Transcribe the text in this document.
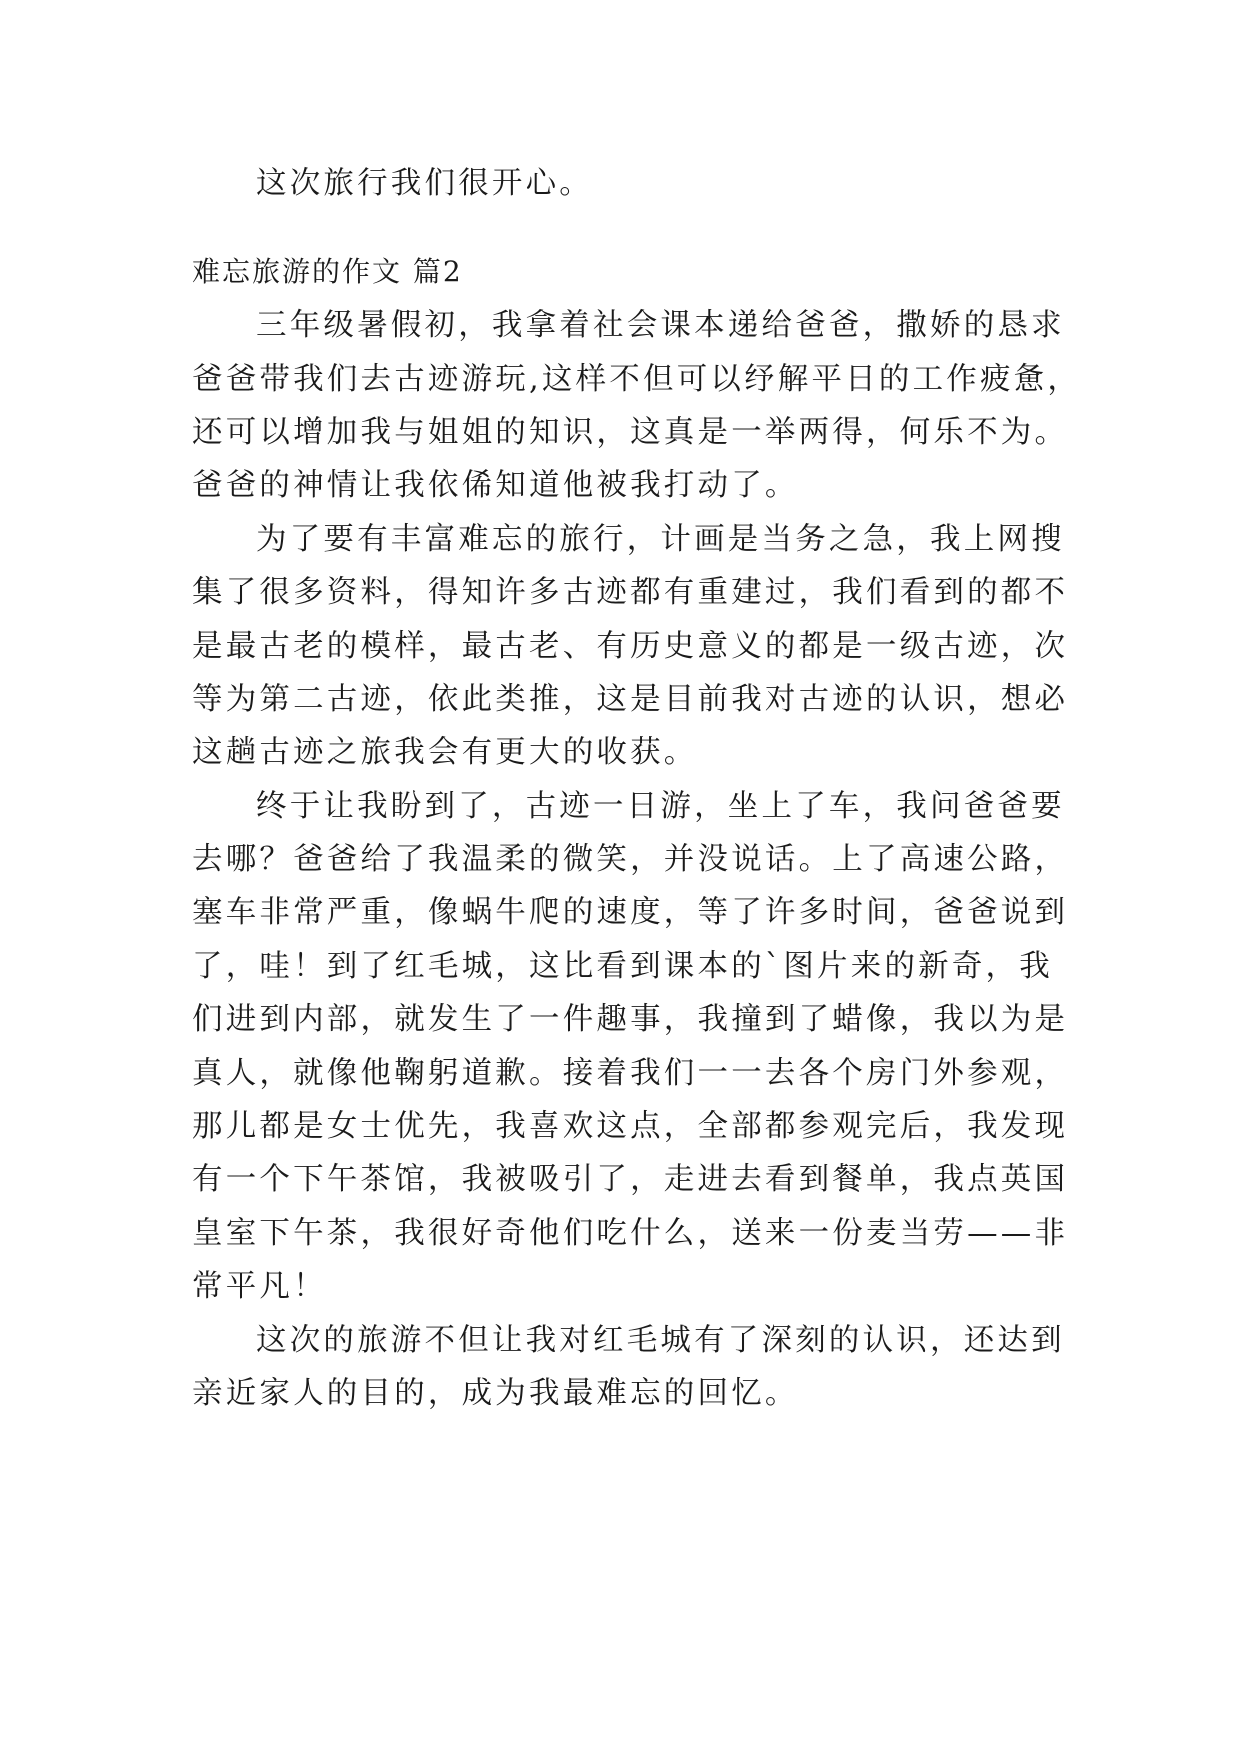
这次旅行我们很开心。
难忘旅游的作文 篇2
三年级暑假初，我拿着社会课本递给爸爸，撒娇的恳求
爸爸带我们去古迹游玩,这样不但可以纾解平日的工作疲惫，
还可以增加我与姐姐的知识，这真是一举两得，何乐不为。
爸爸的神情让我依俙知道他被我打动了。
为了要有丰富难忘的旅行，计画是当务之急，我上网搜
集了很多资料，得知许多古迹都有重建过，我们看到的都不
是最古老的模样，最古老、有历史意义的都是一级古迹，次
等为第二古迹，依此类推，这是目前我对古迹的认识，想必
这趟古迹之旅我会有更大的收获。
终于让我盼到了，古迹一日游，坐上了车，我问爸爸要
去哪？爸爸给了我温柔的微笑，并没说话。上了高速公路，
塞车非常严重，像蜗牛爬的速度，等了许多时间，爸爸说到
了，哇！到了红毛城，这比看到课本的`图片来的新奇，我
们进到内部，就发生了一件趣事，我撞到了蜡像，我以为是
真人，就像他鞠躬道歉。接着我们一一去各个房门外参观，
那儿都是女士优先，我喜欢这点，全部都参观完后，我发现
有一个下午茶馆，我被吸引了，走进去看到餐单，我点英国
皇室下午茶，我很好奇他们吃什么，送来一份麦当劳——非
常平凡！
这次的旅游不但让我对红毛城有了深刻的认识，还达到
亲近家人的目的，成为我最难忘的回忆。
